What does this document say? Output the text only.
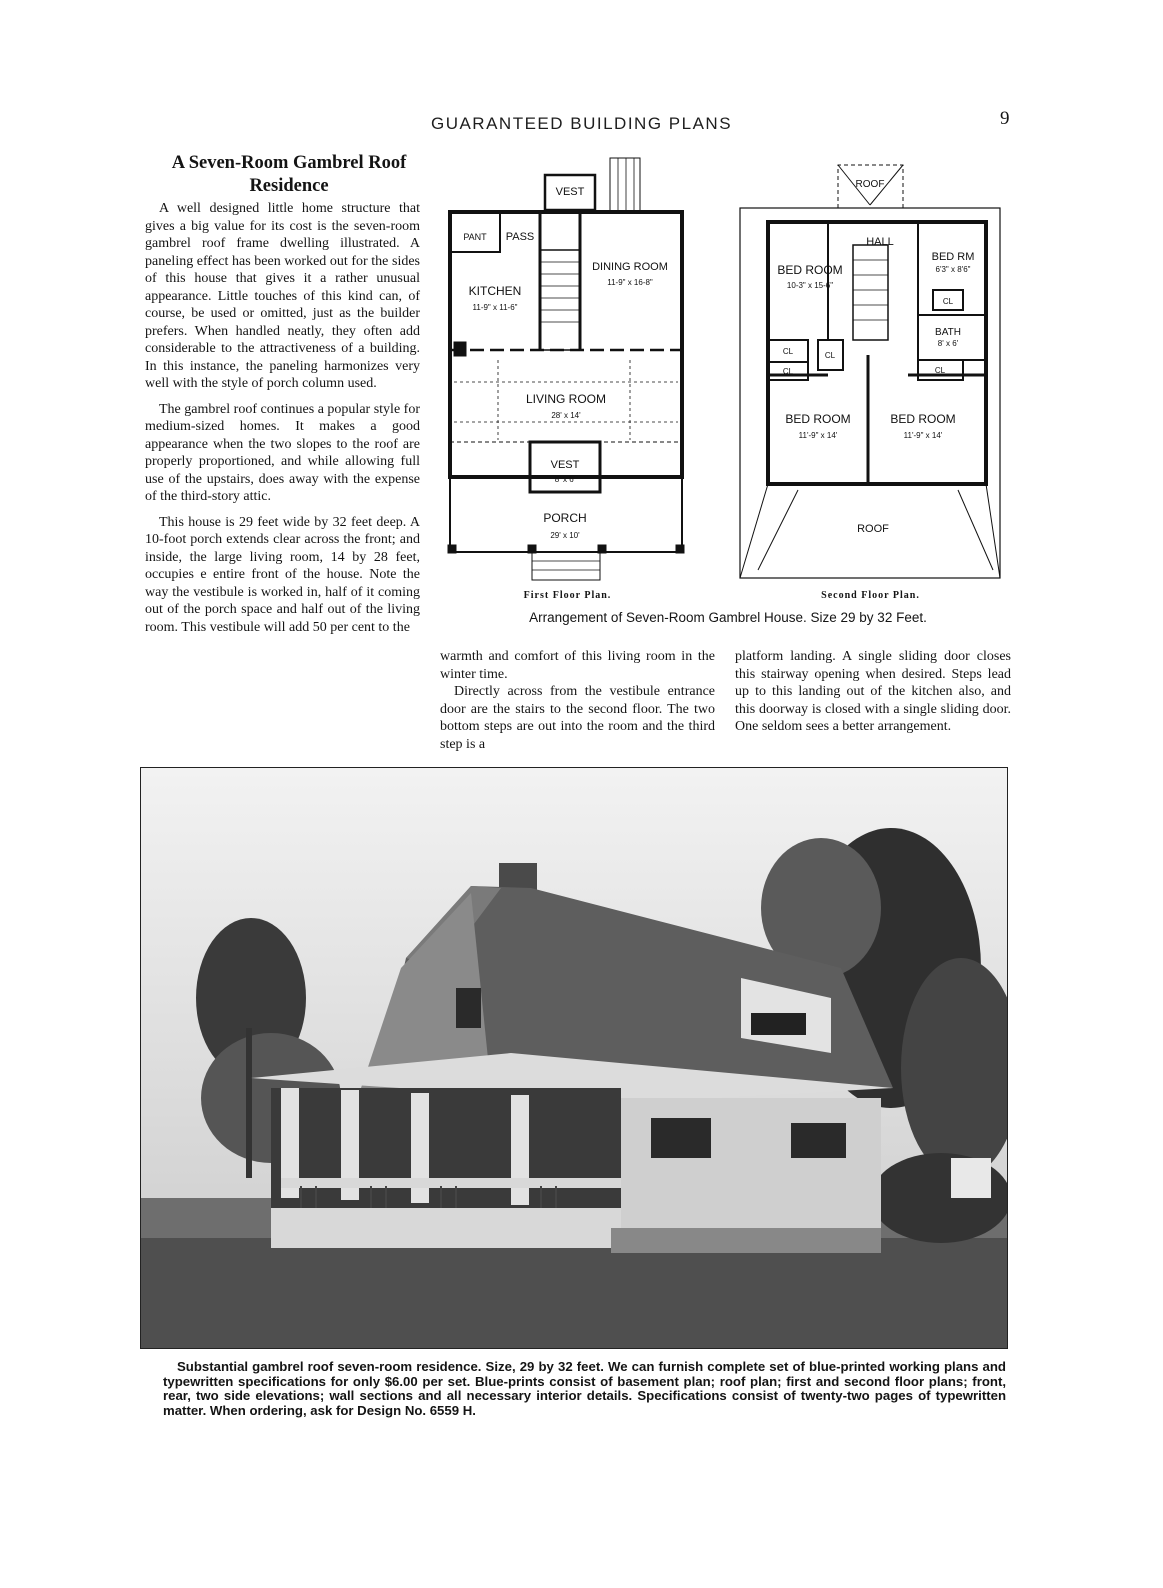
GUARANTEED BUILDING PLANS	9
A Seven-Room Gambrel Roof Residence

A well designed little home structure that gives a big value for its cost is the seven-room gambrel roof frame dwelling illustrated. A paneling effect has been worked out for the sides of this house that gives it a rather unusual appearance. Little touches of this kind can, of course, be used or omitted, just as the builder prefers. When handled neatly, they often add considerable to the attractiveness of a building. In this instance, the paneling harmonizes very well with the style of porch column used.

The gambrel roof continues a popular style for medium-sized homes. It makes a good appearance when the two slopes to the roof are properly proportioned, and while allowing full use of the upstairs, does away with the expense of the third-story attic.

This house is 29 feet wide by 32 feet deep. A 10-foot porch extends clear across the front; and inside, the large living room, 14 by 28 feet, occupies e entire front of the house. Note the way the vestibule is worked in, half of it coming out of the porch space and half out of the living room. This vestibule will add 50 per cent to the

warmth and comfort of this living room in the winter time.

Directly across from the vestibule entrance door are the stairs to the second floor. The two bottom steps are out into the room and the third step is a

platform landing. A single sliding door closes this stairway opening when desired. Steps lead up to this landing out of the kitchen also, and this doorway is closed with a single sliding door. One seldom sees a better arrangement.

VEST
PANT PASS
KITCHEN
11-9" x 11-6"
DINING ROOM
11-9" x 16-8"
LIVING ROOM
28' x 14'
VEST
8' x 6'
PORCH
29' x 10'
First Floor Plan.
ROOF
HALL
BED ROOM
10-3" x 15-6"
BED RM
6'3" x 8'6"
BATH
8' x 6'
CL
CL
CL
CL
CL
BED ROOM
11'-9" x 14'
BED ROOM
11'-9" x 14'
ROOF
Second Floor Plan.
Arrangement of Seven-Room Gambrel House. Size 29 by 32 Feet.
Substantial gambrel roof seven-room residence. Size, 29 by 32 feet. We can furnish complete set of blue-printed working plans and typewritten specifications for only $6.00 per set. Blue-prints consist of basement plan; roof plan; first and second floor plans; front, rear, two side elevations; wall sections and all necessary interior details. Specifications consist of twenty-two pages of typewritten matter. When ordering, ask for Design No. 6559 H.
